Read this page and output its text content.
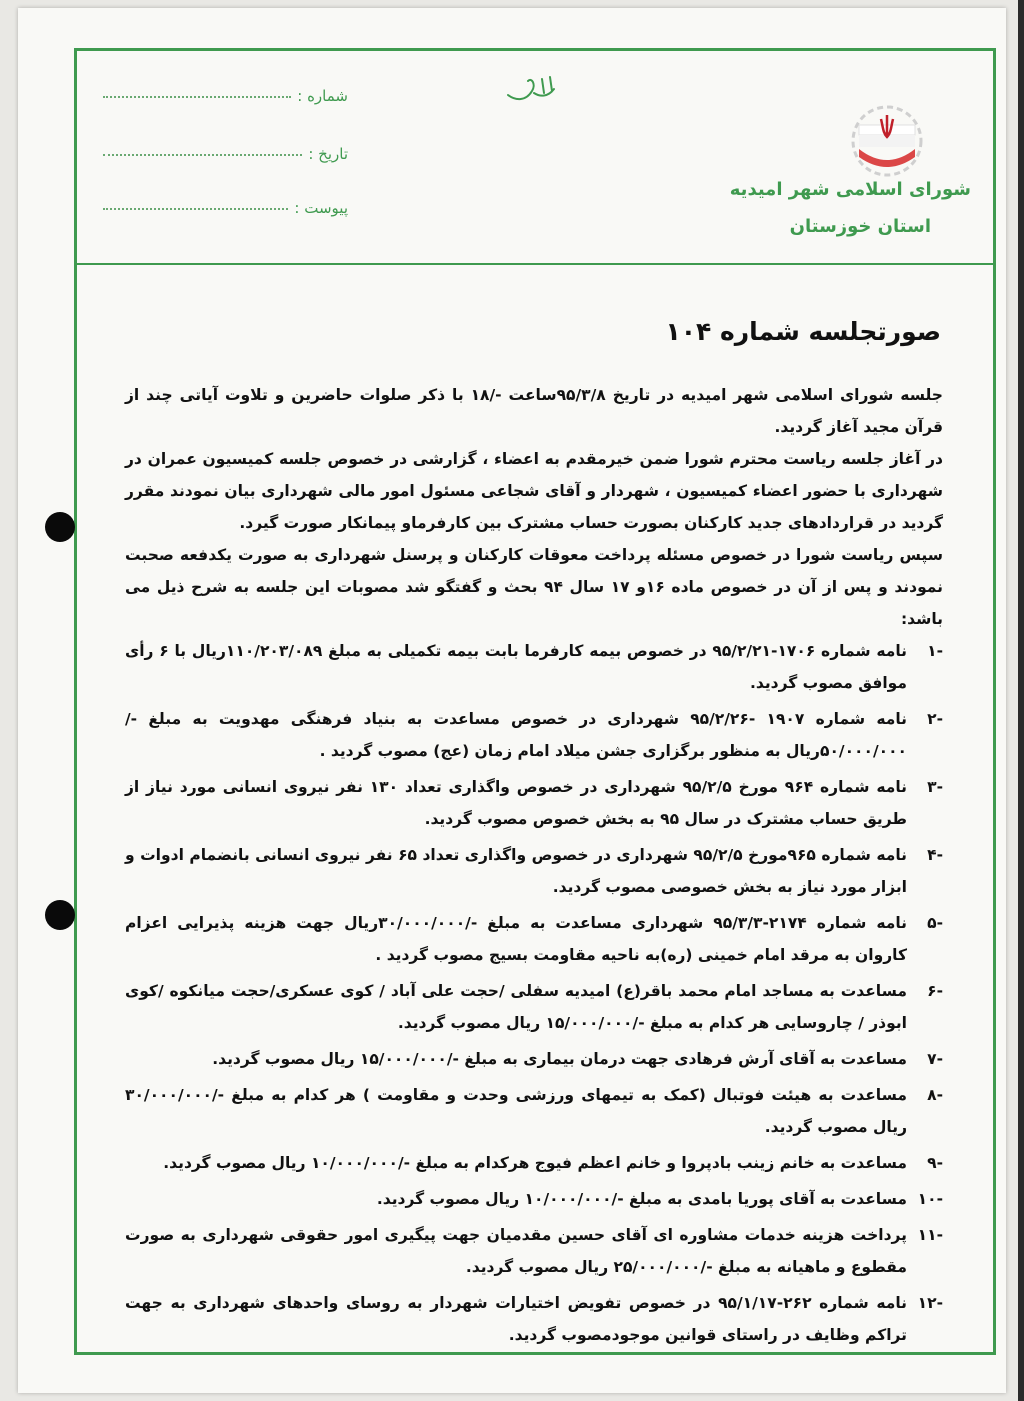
شماره :
تاریخ :
پیوست :
شورای اسلامی شهر امیدیه
استان خوزستان
صورتجلسه شماره ۱۰۴

جلسه شورای اسلامی شهر امیدیه در تاریخ ۹۵/۳/۸ساعت -/۱۸ با ذکر صلوات حاضرین و تلاوت آیاتی چند از قرآن مجید آغاز گردید.

در آغاز جلسه ریاست محترم شورا ضمن خیرمقدم به اعضاء ، گزارشی در خصوص جلسه کمیسیون عمران در شهرداری با حضور اعضاء کمیسیون ، شهردار و آقای شجاعی مسئول امور مالی شهرداری بیان نمودند مقرر گردید در قراردادهای جدید کارکنان بصورت حساب مشترک بین کارفرماو پیمانکار صورت گیرد.

سپس ریاست شورا در خصوص مسئله پرداخت معوقات کارکنان و پرسنل شهرداری به صورت یکدفعه صحبت نمودند و پس از آن در خصوص ماده ۱۶و ۱۷ سال ۹۴ بحث و گفتگو شد مصوبات این جلسه به شرح ذیل می باشد:

-۱
نامه شماره ۱۷۰۶-۹۵/۲/۲۱ در خصوص بیمه کارفرما بابت بیمه تکمیلی به مبلغ ۱۱۰/۲۰۳/۰۸۹ریال با ۶ رأی موافق مصوب گردید.
-۲
نامه شماره ۱۹۰۷ -۹۵/۲/۲۶ شهرداری در خصوص مساعدت به بنیاد فرهنگی مهدویت به مبلغ -/۵۰/۰۰۰/۰۰۰ریال به منظور برگزاری جشن میلاد امام زمان (عج) مصوب گردید .
-۳
نامه شماره ۹۶۴ مورخ ۹۵/۲/۵ شهرداری در خصوص واگذاری تعداد ۱۳۰ نفر نیروی انسانی مورد نیاز از طریق حساب مشترک در سال ۹۵ به بخش خصوص مصوب گردید.
-۴
نامه شماره ۹۶۵مورخ ۹۵/۲/۵ شهرداری در خصوص واگذاری تعداد ۶۵ نفر نیروی انسانی بانضمام ادوات و ابزار مورد نیاز به بخش خصوصی مصوب گردید.
-۵
نامه شماره ۲۱۷۴-۹۵/۳/۳ شهرداری مساعدت به مبلغ -/۳۰/۰۰۰/۰۰۰ریال جهت هزینه پذیرایی اعزام کاروان به مرقد امام خمینی (ره)به ناحیه مقاومت بسیج مصوب گردید .
-۶
مساعدت به مساجد امام محمد باقر(ع) امیدیه سفلی /حجت علی آباد / کوی عسکری/حجت میانکوه /کوی ابوذر / چاروسایی هر کدام به مبلغ -/۱۵/۰۰۰/۰۰۰ ریال مصوب گردید.
-۷
مساعدت به آقای آرش فرهادی جهت درمان بیماری به مبلغ -/۱۵/۰۰۰/۰۰۰ ریال مصوب گردید.
-۸
مساعدت به هیئت فوتبال (کمک به تیمهای ورزشی وحدت و مقاومت ) هر کدام به مبلغ -/۳۰/۰۰۰/۰۰۰ ریال مصوب گردید.
-۹
مساعدت به خانم زینب بادپروا و خانم اعظم فیوج هرکدام به مبلغ -/۱۰/۰۰۰/۰۰۰ ریال مصوب گردید.
-۱۰
مساعدت به آقای پوریا بامدی به مبلغ -/۱۰/۰۰۰/۰۰۰ ریال مصوب گردید.
-۱۱
پرداخت هزینه خدمات مشاوره ای آقای حسین مقدمیان جهت پیگیری امور حقوقی شهرداری به صورت مقطوع و ماهیانه به مبلغ -/۲۵/۰۰۰/۰۰۰ ریال مصوب گردید.
-۱۲
نامه شماره ۲۶۲-۹۵/۱/۱۷ در خصوص تفویض اختیارات شهردار به روسای واحدهای شهرداری به جهت تراکم وظایف در راستای قوانین موجودمصوب گردید.
